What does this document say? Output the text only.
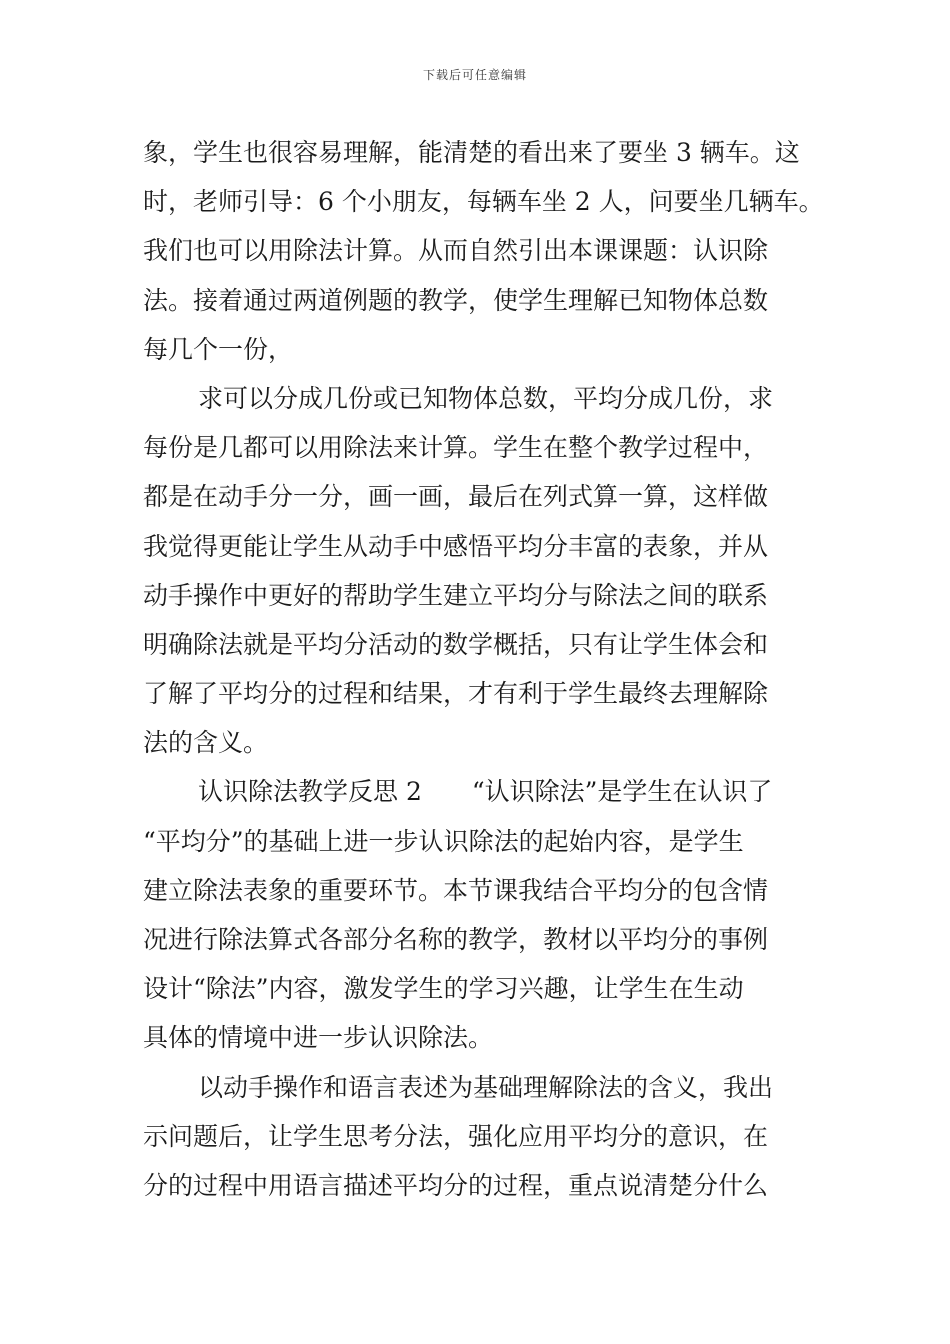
下载后可任意编辑
象，学生也很容易理解，能清楚的看出来了要坐 3 辆车。这
时，老师引导：6 个小朋友，每辆车坐 2 人，问要坐几辆车。
我们也可以用除法计算。从而自然引出本课课题：认识除
法。接着通过两道例题的教学，使学生理解已知物体总数
每几个一份，
求可以分成几份或已知物体总数，平均分成几份，求
每份是几都可以用除法来计算。学生在整个教学过程中，
都是在动手分一分，画一画，最后在列式算一算，这样做
我觉得更能让学生从动手中感悟平均分丰富的表象，并从
动手操作中更好的帮助学生建立平均分与除法之间的联系
明确除法就是平均分活动的数学概括，只有让学生体会和
了解了平均分的过程和结果，才有利于学生最终去理解除
法的含义。
认识除法教学反思 2　　“认识除法”是学生在认识了
“平均分”的基础上进一步认识除法的起始内容，是学生
建立除法表象的重要环节。本节课我结合平均分的包含情
况进行除法算式各部分名称的教学，教材以平均分的事例
设计“除法”内容，激发学生的学习兴趣，让学生在生动
具体的情境中进一步认识除法。
以动手操作和语言表述为基础理解除法的含义，我出
示问题后，让学生思考分法，强化应用平均分的意识，在
分的过程中用语言描述平均分的过程，重点说清楚分什么
